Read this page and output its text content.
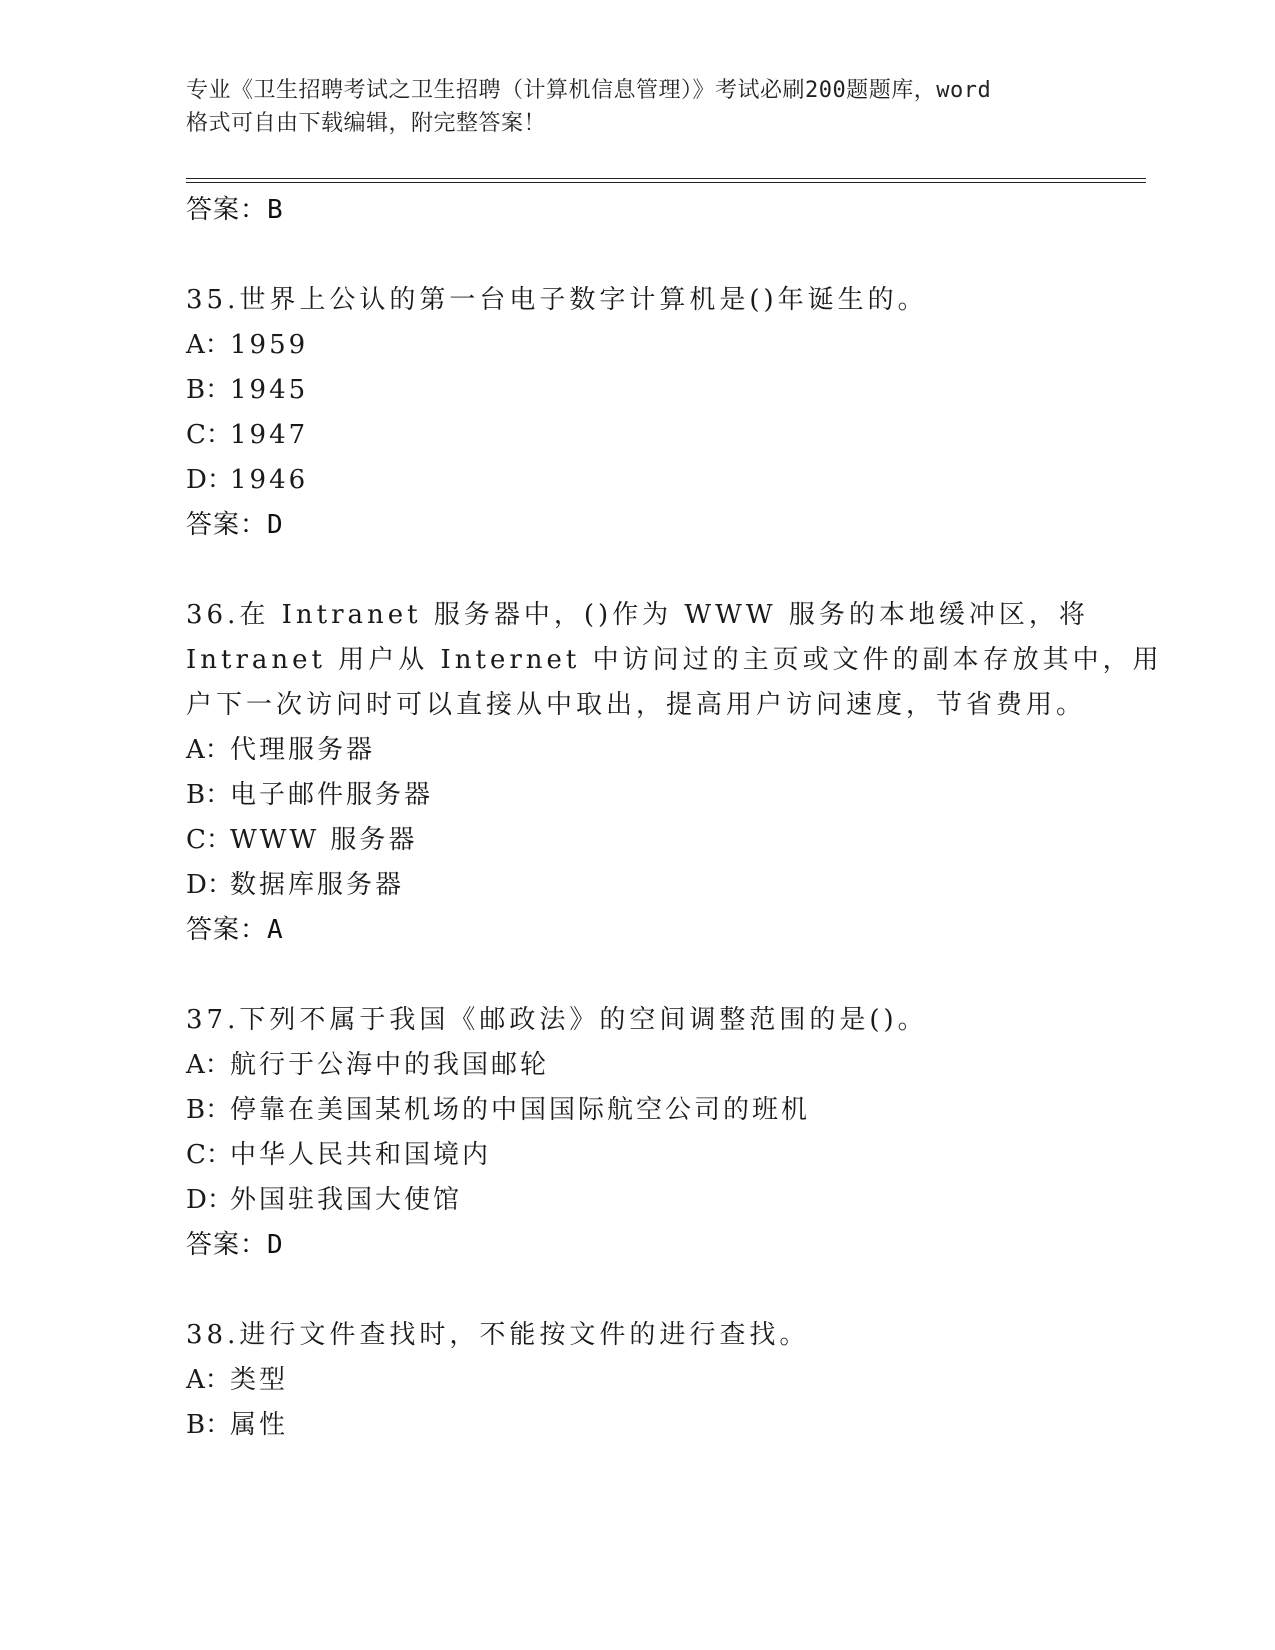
专业《卫生招聘考试之卫生招聘（计算机信息管理）》考试必刷200题题库，word
格式可自由下载编辑，附完整答案！
答案：B
35.世界上公认的第一台电子数字计算机是()年诞生的。
A：1959
B：1945
C：1947
D：1946
答案：D
36.在 Intranet 服务器中，()作为 WWW 服务的本地缓冲区，将
Intranet 用户从 Internet 中访问过的主页或文件的副本存放其中，用
户下一次访问时可以直接从中取出，提高用户访问速度，节省费用。
A：代理服务器
B：电子邮件服务器
C：WWW 服务器
D：数据库服务器
答案：A
37.下列不属于我国《邮政法》的空间调整范围的是()。
A：航行于公海中的我国邮轮
B：停靠在美国某机场的中国国际航空公司的班机
C：中华人民共和国境内
D：外国驻我国大使馆
答案：D
38.进行文件查找时，不能按文件的进行查找。
A：类型
B：属性
